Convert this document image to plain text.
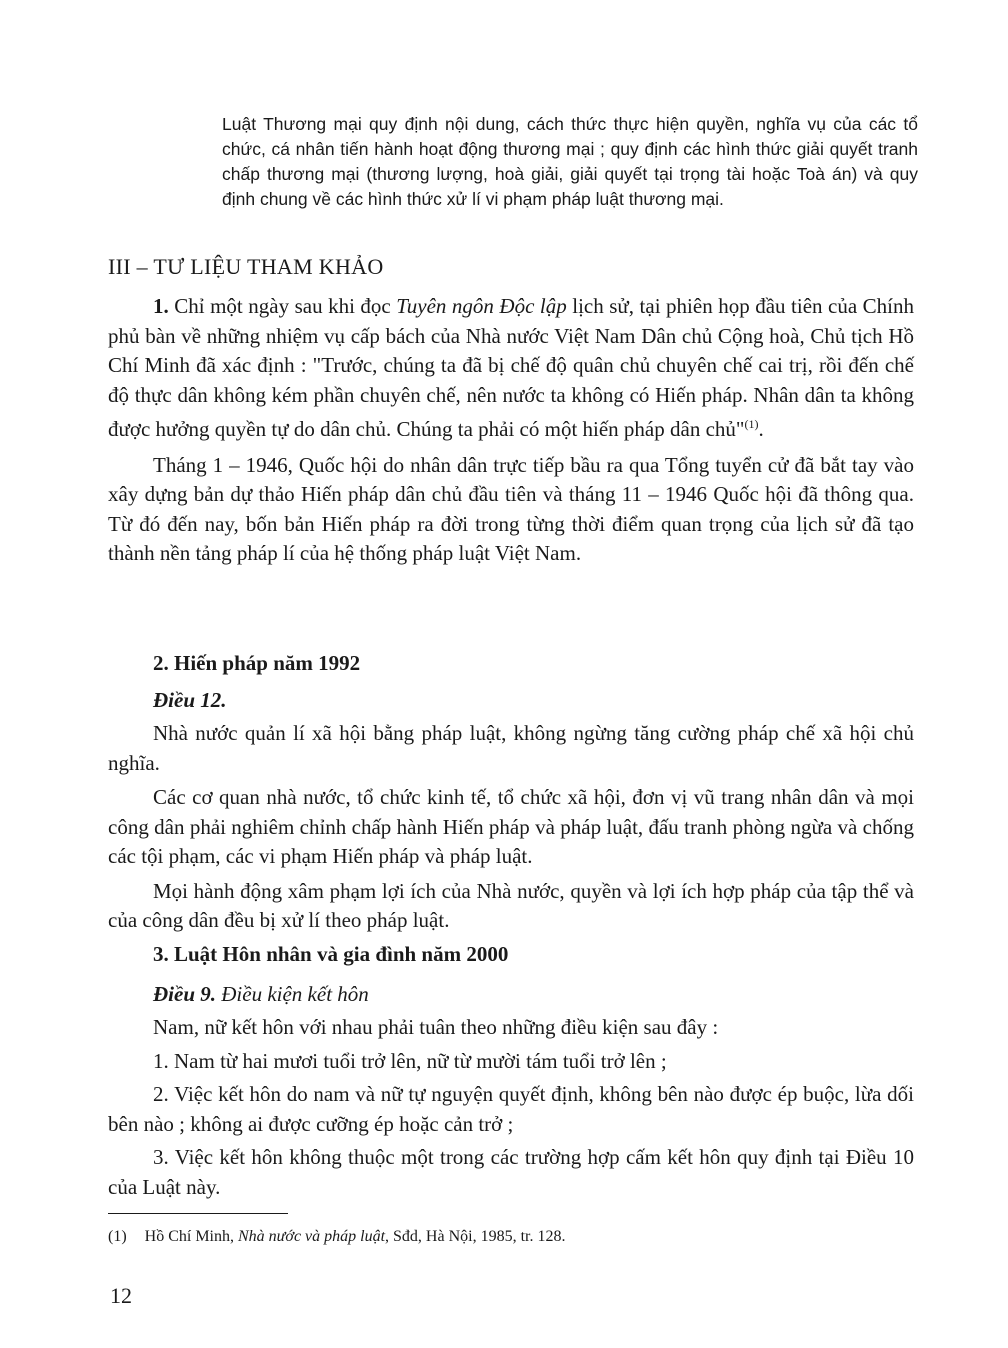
Luật Thương mại quy định nội dung, cách thức thực hiện quyền, nghĩa vụ của các tổ chức, cá nhân tiến hành hoạt động thương mại ; quy định các hình thức giải quyết tranh chấp thương mại (thương lượng, hoà giải, giải quyết tại trọng tài hoặc Toà án) và quy định chung về các hình thức xử lí vi phạm pháp luật thương mại.
III – TƯ LIỆU THAM KHẢO

1. Chỉ một ngày sau khi đọc Tuyên ngôn Độc lập lịch sử, tại phiên họp đầu tiên của Chính phủ bàn về những nhiệm vụ cấp bách của Nhà nước Việt Nam Dân chủ Cộng hoà, Chủ tịch Hồ Chí Minh đã xác định : "Trước, chúng ta đã bị chế độ quân chủ chuyên chế cai trị, rồi đến chế độ thực dân không kém phần chuyên chế, nên nước ta không có Hiến pháp. Nhân dân ta không được hưởng quyền tự do dân chủ. Chúng ta phải có một hiến pháp dân chủ"$^{(1)}$.

Tháng 1 – 1946, Quốc hội do nhân dân trực tiếp bầu ra qua Tổng tuyển cử đã bắt tay vào xây dựng bản dự thảo Hiến pháp dân chủ đầu tiên và tháng 11 – 1946 Quốc hội đã thông qua. Từ đó đến nay, bốn bản Hiến pháp ra đời trong từng thời điểm quan trọng của lịch sử đã tạo thành nền tảng pháp lí của hệ thống pháp luật Việt Nam.

2. Hiến pháp năm 1992
Điều 12.

Nhà nước quản lí xã hội bằng pháp luật, không ngừng tăng cường pháp chế xã hội chủ nghĩa.

Các cơ quan nhà nước, tổ chức kinh tế, tổ chức xã hội, đơn vị vũ trang nhân dân và mọi công dân phải nghiêm chỉnh chấp hành Hiến pháp và pháp luật, đấu tranh phòng ngừa và chống các tội phạm, các vi phạm Hiến pháp và pháp luật.

Mọi hành động xâm phạm lợi ích của Nhà nước, quyền và lợi ích hợp pháp của tập thể và của công dân đều bị xử lí theo pháp luật.

3. Luật Hôn nhân và gia đình năm 2000
Điều 9. Điều kiện kết hôn

Nam, nữ kết hôn với nhau phải tuân theo những điều kiện sau đây :

1. Nam từ hai mươi tuổi trở lên, nữ từ mười tám tuổi trở lên ;

2. Việc kết hôn do nam và nữ tự nguyện quyết định, không bên nào được ép buộc, lừa dối bên nào ; không ai được cưỡng ép hoặc cản trở ;

3. Việc kết hôn không thuộc một trong các trường hợp cấm kết hôn quy định tại Điều 10 của Luật này.

(1) Hồ Chí Minh, Nhà nước và pháp luật, Sđd, Hà Nội, 1985, tr. 128.
12
